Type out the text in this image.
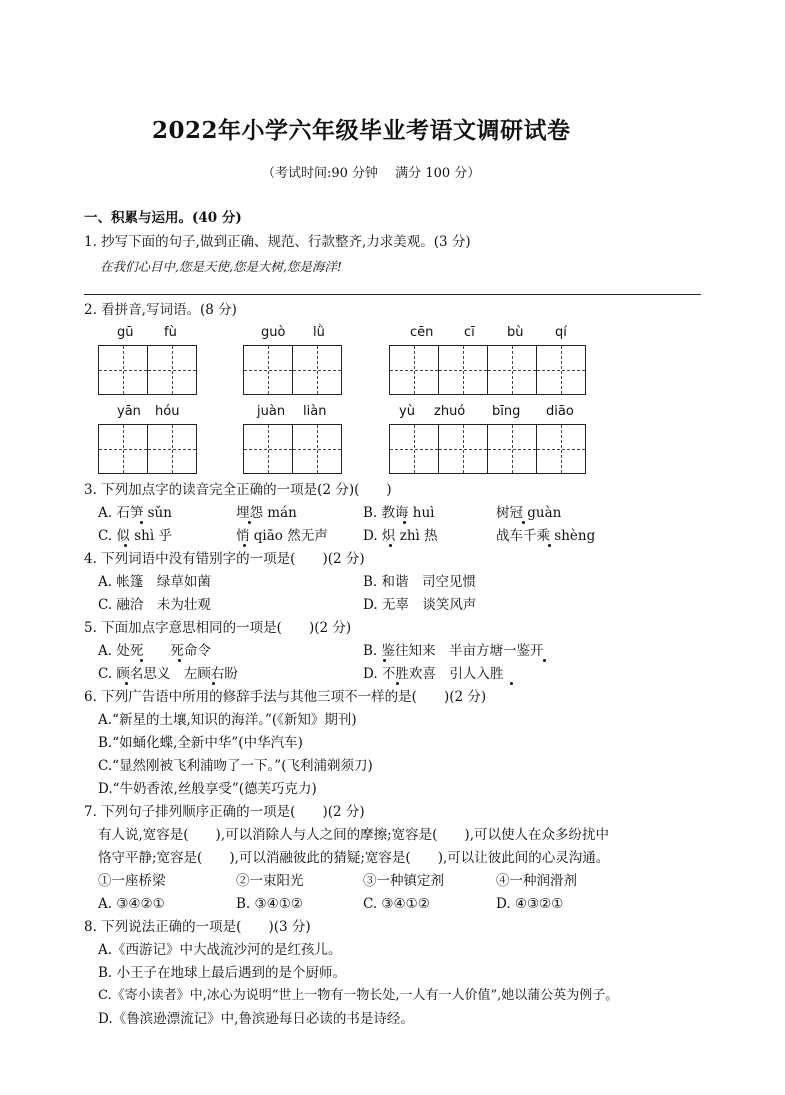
2022年小学六年级毕业考语文调研试卷
（考试时间:90 分钟　 满分 100 分）
一、积累与运用。(40 分)
1. 抄写下面的句子,做到正确、规范、行款整齐,力求美观。(3 分)
在我们心目中,您是天使,您是大树,您是海洋!
2. 看拼音,写词语。(8 分)
gū fù	guò lǜ	cēn cī bù qí
yān hóu	juàn liàn	yù zhuó bīng diāo
3. 下列加点字的读音完全正确的一项是(2 分)(　　)
A. 石笋 sǔn	埋怨 mán	B. 教诲 huì	树冠 guàn
C. 似 shì 乎	悄 qiāo 然无声	D. 炽 zhì 热	战车千乘 shèng
4. 下列词语中没有错别字的一项是(　　)(2 分)
A. 帐篷　绿草如菌	B. 和谐　司空见惯
C. 融洽　未为壮观	D. 无辜　谈笑风声
5. 下面加点字意思相同的一项是(　　)(2 分)
A. 处死　　死命令	B. 鉴往知来　半亩方塘一鉴开
C. 顾名思义　左顾右盼	D. 不胜欢喜　引人入胜
6. 下列广告语中所用的修辞手法与其他三项不一样的是(　　)(2 分)
A.“新星的土壤,知识的海洋。”(《新知》期刊)
B.“如蛹化蝶,全新中华”(中华汽车)
C.“显然刚被飞利浦吻了一下。”(飞利浦剃须刀)
D.“牛奶香浓,丝般享受”(德芙巧克力)
7. 下列句子排列顺序正确的一项是(　　)(2 分)
有人说,宽容是(　　),可以消除人与人之间的摩擦;宽容是(　　),可以使人在众多纷扰中
恪守平静;宽容是(　　),可以消融彼此的猜疑;宽容是(　　),可以让彼此间的心灵沟通。
①一座桥梁	②一束阳光	③一种镇定剂	④一种润滑剂
A. ③④②①	B. ③④①②	C. ③④①②	D. ④③②①
8. 下列说法正确的一项是(　　)(3 分)
A.《西游记》中大战流沙河的是红孩儿。
B. 小王子在地球上最后遇到的是个厨师。
C.《寄小读者》中,冰心为说明“世上一物有一物长处,一人有一人价值”,她以蒲公英为例子。
D.《鲁滨逊漂流记》中,鲁滨逊每日必读的书是诗经。
